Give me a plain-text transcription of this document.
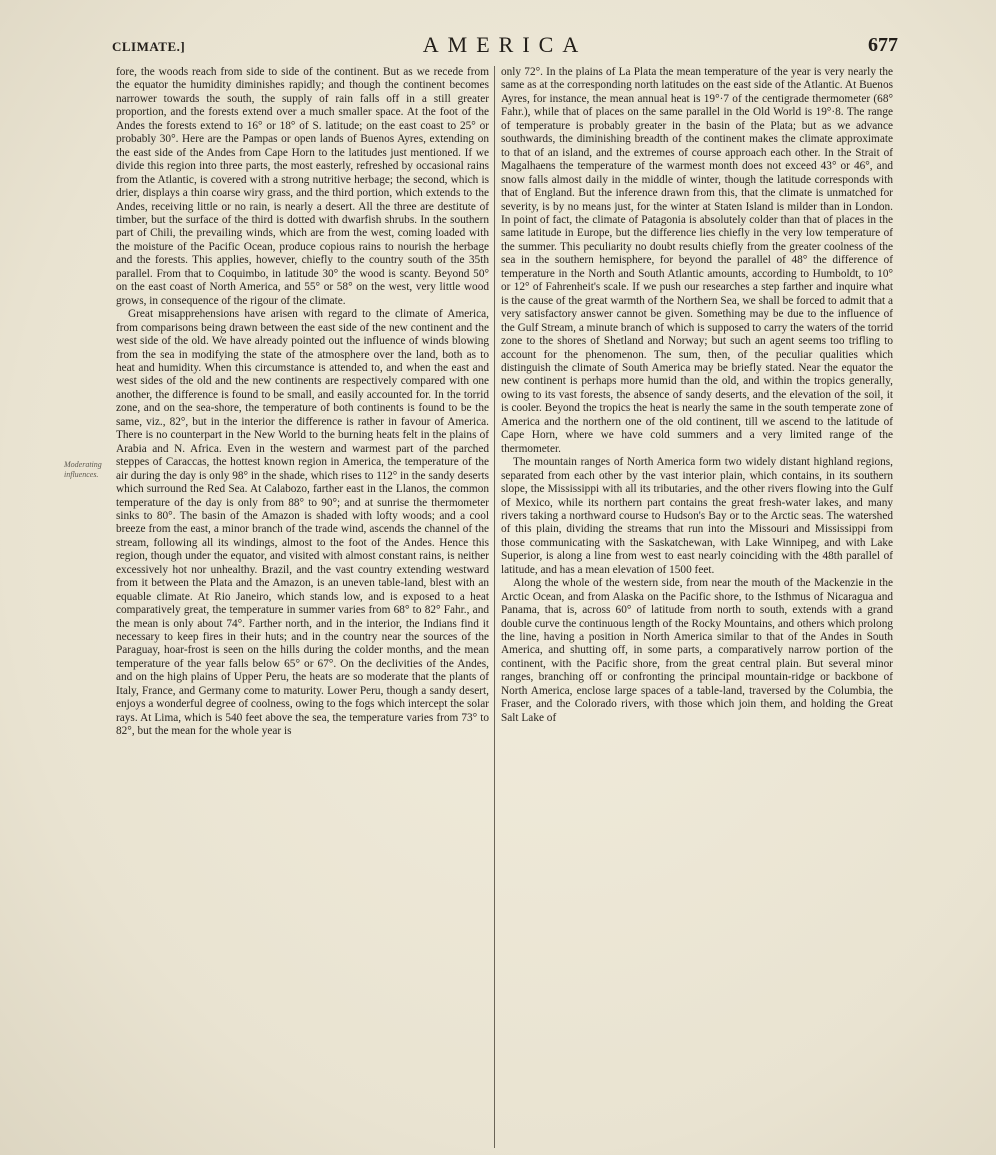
CLIMATE.]	AMERICA	677
Moderating influences.

fore, the woods reach from side to side of the continent. But as we recede from the equator the humidity diminishes rapidly; and though the continent becomes narrower towards the south, the supply of rain falls off in a still greater proportion, and the forests extend over a much smaller space. At the foot of the Andes the forests extend to 16° or 18° of S. latitude; on the east coast to 25° or probably 30°. Here are the Pampas or open lands of Buenos Ayres, extending on the east side of the Andes from Cape Horn to the latitudes just mentioned. If we divide this region into three parts, the most easterly, refreshed by occasional rains from the Atlantic, is covered with a strong nutritive herbage; the second, which is drier, displays a thin coarse wiry grass, and the third portion, which extends to the Andes, receiving little or no rain, is nearly a desert. All the three are destitute of timber, but the surface of the third is dotted with dwarfish shrubs. In the southern part of Chili, the prevailing winds, which are from the west, coming loaded with the moisture of the Pacific Ocean, produce copious rains to nourish the herbage and the forests. This applies, however, chiefly to the country south of the 35th parallel. From that to Coquimbo, in latitude 30° the wood is scanty. Beyond 50° on the east coast of North America, and 55° or 58° on the west, very little wood grows, in consequence of the rigour of the climate.

Great misapprehensions have arisen with regard to the climate of America, from comparisons being drawn between the east side of the new continent and the west side of the old. We have already pointed out the influence of winds blowing from the sea in modifying the state of the atmosphere over the land, both as to heat and humidity. When this circumstance is attended to, and when the east and west sides of the old and the new continents are respectively compared with one another, the difference is found to be small, and easily accounted for. In the torrid zone, and on the sea-shore, the temperature of both continents is found to be the same, viz., 82°, but in the interior the difference is rather in favour of America. There is no counterpart in the New World to the burning heats felt in the plains of Arabia and N. Africa. Even in the western and warmest part of the parched steppes of Caraccas, the hottest known region in America, the temperature of the air during the day is only 98° in the shade, which rises to 112° in the sandy deserts which surround the Red Sea. At Calabozo, farther east in the Llanos, the common temperature of the day is only from 88° to 90°; and at sunrise the thermometer sinks to 80°. The basin of the Amazon is shaded with lofty woods; and a cool breeze from the east, a minor branch of the trade wind, ascends the channel of the stream, following all its windings, almost to the foot of the Andes. Hence this region, though under the equator, and visited with almost constant rains, is neither excessively hot nor unhealthy. Brazil, and the vast country extending westward from it between the Plata and the Amazon, is an uneven table-land, blest with an equable climate. At Rio Janeiro, which stands low, and is exposed to a heat comparatively great, the temperature in summer varies from 68° to 82° Fahr., and the mean is only about 74°. Farther north, and in the interior, the Indians find it necessary to keep fires in their huts; and in the country near the sources of the Paraguay, hoar-frost is seen on the hills during the colder months, and the mean temperature of the year falls below 65° or 67°. On the declivities of the Andes, and on the high plains of Upper Peru, the heats are so moderate that the plants of Italy, France, and Germany come to maturity. Lower Peru, though a sandy desert, enjoys a wonderful degree of coolness, owing to the fogs which intercept the solar rays. At Lima, which is 540 feet above the sea, the temperature varies from 73° to 82°, but the mean for the whole year is

only 72°. In the plains of La Plata the mean temperature of the year is very nearly the same as at the corresponding north latitudes on the east side of the Atlantic. At Buenos Ayres, for instance, the mean annual heat is 19°·7 of the centigrade thermometer (68° Fahr.), while that of places on the same parallel in the Old World is 19°·8. The range of temperature is probably greater in the basin of the Plata; but as we advance southwards, the diminishing breadth of the continent makes the climate approximate to that of an island, and the extremes of course approach each other. In the Strait of Magalhaens the temperature of the warmest month does not exceed 43° or 46°, and snow falls almost daily in the middle of winter, though the latitude corresponds with that of England. But the inference drawn from this, that the climate is unmatched for severity, is by no means just, for the winter at Staten Island is milder than in London. In point of fact, the climate of Patagonia is absolutely colder than that of places in the same latitude in Europe, but the difference lies chiefly in the very low temperature of the summer. This peculiarity no doubt results chiefly from the greater coolness of the sea in the southern hemisphere, for beyond the parallel of 48° the difference of temperature in the North and South Atlantic amounts, according to Humboldt, to 10° or 12° of Fahrenheit's scale. If we push our researches a step farther and inquire what is the cause of the great warmth of the Northern Sea, we shall be forced to admit that a very satisfactory answer cannot be given. Something may be due to the influence of the Gulf Stream, a minute branch of which is supposed to carry the waters of the torrid zone to the shores of Shetland and Norway; but such an agent seems too trifling to account for the phenomenon. The sum, then, of the peculiar qualities which distinguish the climate of South America may be briefly stated. Near the equator the new continent is perhaps more humid than the old, and within the tropics generally, owing to its vast forests, the absence of sandy deserts, and the elevation of the soil, it is cooler. Beyond the tropics the heat is nearly the same in the south temperate zone of America and the northern one of the old continent, till we ascend to the latitude of Cape Horn, where we have cold summers and a very limited range of the thermometer.

The mountain ranges of North America form two widely distant highland regions, separated from each other by the vast interior plain, which contains, in its southern slope, the Mississippi with all its tributaries, and the other rivers flowing into the Gulf of Mexico, while its northern part contains the great fresh-water lakes, and many rivers taking a northward course to Hudson's Bay or to the Arctic seas. The watershed of this plain, dividing the streams that run into the Missouri and Mississippi from those communicating with the Saskatchewan, with Lake Winnipeg, and with Lake Superior, is along a line from west to east nearly coinciding with the 48th parallel of latitude, and has a mean elevation of 1500 feet.

Along the whole of the western side, from near the mouth of the Mackenzie in the Arctic Ocean, and from Alaska on the Pacific shore, to the Isthmus of Nicaragua and Panama, that is, across 60° of latitude from north to south, extends with a grand double curve the continuous length of the Rocky Mountains, and others which prolong the line, having a position in North America similar to that of the Andes in South America, and shutting off, in some parts, a comparatively narrow portion of the continent, with the Pacific shore, from the great central plain. But several minor ranges, branching off or confronting the principal mountain-ridge or backbone of North America, enclose large spaces of a table-land, traversed by the Columbia, the Fraser, and the Colorado rivers, with those which join them, and holding the Great Salt Lake of
